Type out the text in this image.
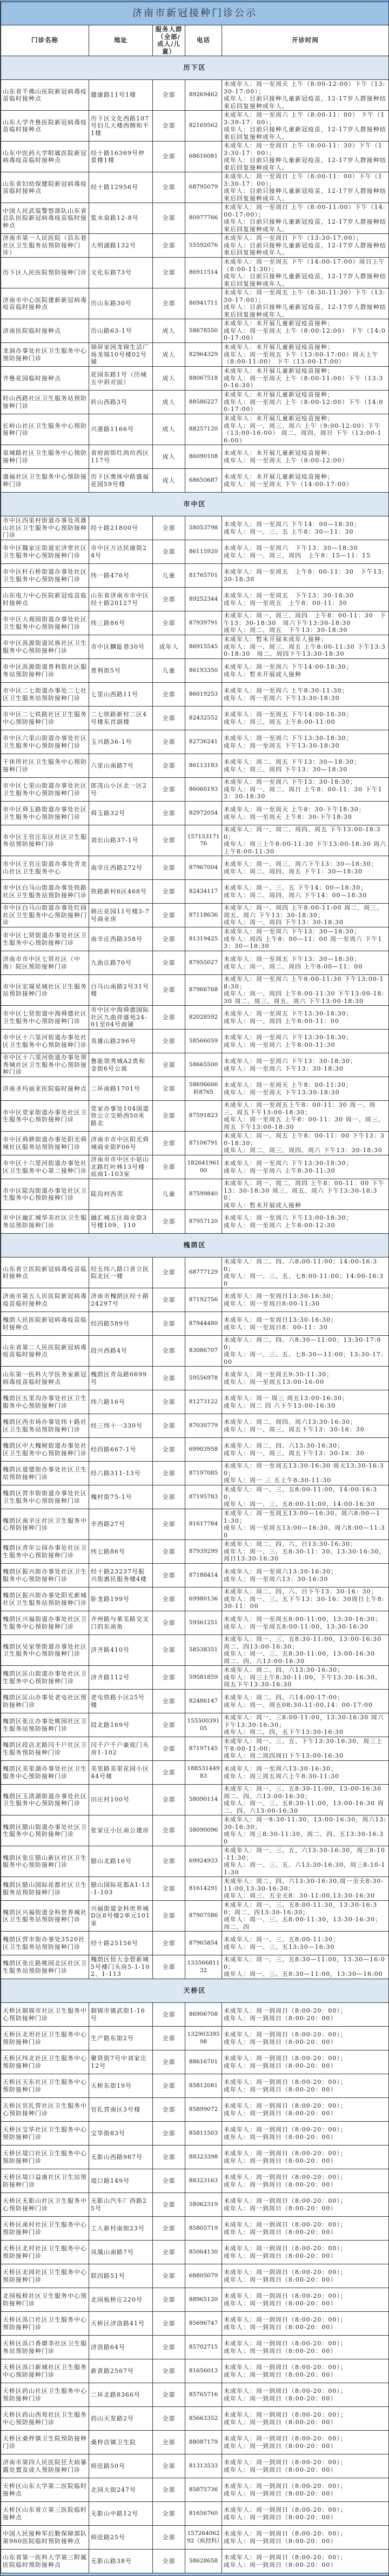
济南市新冠接种门诊公示				
门诊名称	地址	服务人群（全部/成人/儿童）	电话	开诊时间
历下区				
山东省千佛山医院新冠病毒疫苗临时接种点	健康路11号1楼	全部	89269462	未成年人：周一至周天 上午（8:00-12:00）下午（13:30-17:00）；
成年人：目前只接种儿童新冠疫苗，12-17岁人群接种结束后回复接种成年人。
山东大学齐鲁医院新冠病毒疫苗临时接种点	历下区文化西路107号妇儿大楼西侧和平1楼	全部	82169562	未成年人：周一至周六 上午（8:00-11：00） 下午（13:30-17：00）；
成年人：目前只接种儿童新冠疫苗，12-17岁人群接种结束后回复接种成年人。
山东中医药大学附属医院新冠病毒疫苗临时接种点	经十路16369号仲景楼1楼	全部	68616081	未成年人：周一至周日 上午（8:00-11：30）下午（13:30-17：00）；
成年人：目前只接种儿童新冠疫苗，12-17岁人群接种结束后回复接种成年人。
山东省妇幼保健院新冠病毒疫苗临时接种点	经十路12956号	全部	68795079	未成年人：周一至周日 上午（8:00-11：00）下午（13:30-17：00）；
成年人：目前只接种儿童新冠疫苗，12-17岁人群接种结束后回复接种成年人。
中国人民武装警察部队山东省总队医院新冠病毒疫苗临时接种点	浆水泉路12-8号	全部	80977766	未成年人：周一至周日 上午（8:00-11:00）下午（14:00-17:00）；
成年人：目前只接种儿童新冠疫苗，12-17岁人群接种结束后回复接种成年人。
济南市第一人民医院（县东巷社区卫生服务站预防接种门诊）	大明湖路132号	全部	55592076	未成年人：周一至周日 下午（13:30-17:00）；
成年人：目前只接种儿童新冠疫苗，12-17岁人群接种结束后回复接种成年人。
历下区人民医院预防接种门诊	文化东路73号	全部	86911514	未成年人：周一至周五 下午（14:00-17:00）周日上午（8:00-11:30）；
成年人：目前只接种儿童新冠疫苗，12-17岁人群接种结束后回复接种成年人。
济南市中心医院建新新冠病毒疫苗临时接种点	历山东路30号	全部	86941711	未成年人：周一至周五 上午（8:30-11:30）下午（13:30-17:00）；
成年人：目前只接种儿童新冠疫苗，12-17岁人群接种结束后回复接种成年人。
济南医院临时接种点	历山路63-1号	成人	58678550	未成年人：未开展儿童新冠疫苗接种；
成年人：周一至周天 上午（8:00-12:00） 下午（14:00-17:00）
龙洞办事处社区卫生服务中心预防接种门诊	锦屏家园龙锦生活广场龙锦10号楼02号铺	成人	82964329	未成年人：未开展儿童新冠疫苗接种；
成年人：周一至周五 下午（13:00-17:00）周天上午（8:00-11:00） 下午（13:00-17:00）
齐鲁花园临时接种点	花园东路1号（历城五中斜对面）	成人	88067518	未成年人：未开展儿童新冠疫苗接种；
成年人：周一至周天 上午（8:00-11:00）下午（13:30-16:30）
转山西路社区卫生服务站预防接种门诊	转山西路3号	成人	88586227	未成年人：未开展儿童新冠疫苗接种；
成年人：周一至周六 上午（8:00-12:00）下午（14:00-17:00）
长岭山社区卫生服务中心预防接种门诊	兴港路1166号	成人	88257120	未成年人：未开展儿童新冠疫苗接种；
成年人：周一、周三、周六 上午（9:00-12:00）下午（13:00-16:00） 周二、周四、周日 下午（13:00-16:00）
泉城路社区卫生服务中心预防接种门诊	省府前街红尚坊西区117号	成人	86090108	未成年人：未开展儿童新冠疫苗接种；
成年人：周一至周天 上午（8:00-12:00）
盛福社区卫生服务中心预防接种门诊	历下区奥体中路盛福花园59号楼	成人	68650687	未成年人：未开展儿童新冠疫苗接种；
成年人：周一至周天 下午（14:00-17:00）
市中区				
市中区四里村街道办事处英雄山社区卫生服务中心预防接种门诊	经十路21800号	全部	58053798	未成年人：周一至周六 下午14：00—18:30；
成年人：周一、三、五 上午8：30—11：30
市中区魏家庄街道宏济堂社区卫生服务中心预防接种门诊	市中区万达民康街24号	全部	86115920	未成年人：周一至周六　下午13：30—18:30
成年人：周一、周三、周四　上午8：15—11：15
市中区杆石桥街道办事处社区卫生服务中心预防接种门诊	纬一路476号	儿童	81765701	未成年人：周一至周五　上午8：00-11：30　下午13:30-18:30
山东电力中心医院新冠疫苗临时接种点	山东省济南市市中区经十路20127号	全部	89252344	未成年人：周一至周五　下午13：30-18:30
成年人：周一至周五　上午8：00-11：30
市中区大观园街道办事处社区卫生服务中心预防接种门诊	纬三路86号	全部	87939791	未成年人：周一、周三、周四　上午8：00-11：30　下午13：30-18:30　周六下午13:30-18:30
成年人：周二、周五　下午13：30-18:30
市中区泺源街道民族社区卫生服务中心预防接种门诊	市中区麟趾巷30号	成年人	86915545	未成年人：暂未开展未成年人接种；
成年人：周一、周三、周五 上午8:00-11:30 下午13:30-18:30　周二、周四下午13:30-18:30
市中区泺源街道普利街社区服务站预防接种门诊	普利街5号	儿童	86193350	未成年人：周一至周六 下午14:00-18:30；
成年人：暂未开展成人接种
市中区二七街道办事处二七社区卫生服务站预防接种门诊	七里山西路11号	全部	86019253	未成年人：周一至周六 上午8:30-11:30；
成年人：周一至周六 下午13:30-18:30
市中区二七铁路社区卫生服务中心预防接种门诊	二七铁路新村二区4号楼东首副楼	全部	82432552	未成年人：周一至周五 下午14:00-18:30；
成年人：周三、周五 上午8:00-11:00
市中区六里山街道办事处社区卫生服务中心预防接种门诊	玉兴路36-1号	全部	82736241	未成年人：周一至周六 下午13:30-18:30；
成年人：周一至周五 下午13:30-18:30
干休所社区卫生服务中心预防接种门诊	六里山南路7号	全部	86113183	未成年人：周二、周五 下午13：30—18:30；
成年人：周三、周四 下午13：30—18:30
市中区七里山街道办事处社区卫生服务中心预防接种门诊	郎茂山小区北一区2号	全部	86060193	未成年人：周一至周六 下午13：30-18:30；
成年人：周一、周二、周日 上午8：00-11：30 下午13：30-18:30
市中区舜玉路街道办事处社区卫生服务中心预防接种门诊	舜玉路32号	全部	82972054	未成年人：周一至周天 上午8：30-下午18:30；
成年人：周一至周天 上午8：30-下午18:30
市中区王官庄东区社区卫生服务站预防接种门诊	刘长山路37-1号	全部	15715317176	未成年人：周一、周二、周四、周五 下午13:00-18:30；
成年人：周三上午8:00-11:30 下午13:00-18:30 周六上午8:00-11:30
市中区王官庄街道办事处青龙山社区卫生服务中心	南辛庄西路272号	全部	87967004	未成年人：周一、周三、周六下午13：30—18:30；
成年人：周二、周四、周五 下午1：30—18:30
市中区白马山街道办事处铁路社区卫生服务站预防接种门诊	铁路新村6区468号	全部	82434117	未成年人：周一、三、五 下午14：00—18:30；
成年人：周二、周四、周六 下午14：00—18:30
市中区白马山街道办事处红园社区卫生服务中心预防接种门诊	韩庄花园11号楼3-7号商业房	全部	87118636	未成年人：周一、周四 上午8:00-11:00 周二、周三、周五、周六 下午13：30-18:30；
成年人：周一、周四 下午13：30-18:30
市中区七贤街道办事处社区卫生服务中心预防接种门诊	南辛庄西路358号	全部	81319425	未成年人：周一至周六 下午13：30—18:30；
成年人：周四 上午8：00—11：00 周一至周六 下午13：30—18:30
济南市市中区七贤社区（中海）院区预防接种门诊	九曲庄路70号	全部	87955027	未成年人：周一至周五 下午13：30—18:30；
成年人：周一、周二、周四 上午8:00—11：00
市中区宏瑞星城社区卫生服务站预防接种门诊	白马山南路2号31号楼	全部	87966768	未成年人：周一至周六 上午8:00-11:30 下午13:00-18:30；
成年人：周一、周四 上午8:00-11:30 下午13:00-18:30 周二、周三、周五、周六 下午13:00-18:30
市中区七贤街道中海舜德社区卫生服务中心预防接种门诊	市中区中海舜德国际社区九曲祥盛苑24-01至04号商铺	全部	82028592	未成年人：周一至周五 下午13:30-18:30；
成年人：周一、周四 上午8:00-11：00
市中区十六里河街道办事处社区卫生服务中心预防接种门诊	英雄山路296号	全部	58566059	未成年人：周一至周六 下午13:30-18:30；
成年人：周一至周六 上午8:00-11:30
市中区十六里河街道办事处领秀城社区卫生服务中心预防接种门诊	鲁能领秀城A2贵和金街6号公寓	全部	58665500	未成年人：周一至周六 下午13：30-18:30；
成年人：周一至周六 下午13：30-18:30
济南圣玛丽亚医院临时接种点	二环南路1701号	全部	58696666转8765	未成年人：周一至周天 上午8：00-11:30；
成年人：周一至周天 下午13:30-18:30
市中区党家街道办事处社区卫生服务中心预防接种门诊	党家办事处104国道铁公立交桥西50米路北	全部	87591823	未成年人：周一至周五上午8：00-11：30 周一、周三、周五下午13:00-18:30；
成年人：周一至周五 上午8：00-11：30 周一、周三、周五 下午13:00-18:30
市中区舜耕街道办事处阳光舜城社区服务站预防接种门诊	济南市市中区阳光舜城商业街F06号	全部	87106791	未成年人：周一、周五 上午8：00-11：00 下午13：30-18:30；
成年人：周二、周三、周四、周六 下午13：30-18:30
市中区十六里河街道办事处社区卫生服务中心第二接种门诊	济南市市中区小姑山北路红叶林13号楼底商1-103室	全部	18264196100	未成年人：周一至周六 下午13:30-18:30；
成年人：周一至周六 上午8:30-11:30
市中区陡沟街道办事处社区卫生服务中心预防接种门诊	陡沟村西邻	儿童	87599840	未成年人：周一、周二、周四 上午8：00-11：00 下午13：30-18:30 周三、周五、周六 下午13:30-18:30；
成年人：暂未开展成人接种
市中区融汇城华美社区卫生服务站预防接种门诊	融汇城五区商业街3号楼109、110	全部	87957120	未成年人：周一至周六 下午13:00-18:30；
成年人：周一至周六 上午8:00-12:30
槐荫区				
山东省立医院新冠病毒疫苗临时接种点	经五纬八路口省立医院北区一楼	全部	68777129	未成年人：周二、四、六8:00-11:00；14:00-16:30；
成年人：周一、三、五、七8:00-11:00；14:00-16:30
济南市第五人民医院新冠病毒疫苗临时接种点	济南市槐荫区经十路24297号	全部	87192756	未成年人：周一至周日13:30-16:30；
成年人：周一至周日8:00-11:30
槐荫人民医院新冠病毒疫苗临时接种点	经四路589号	全部	87944480	未成年人：周一至周日13:30-16:30；
成年人：周一至周日8：00-11：30
山东省第二人民医院新冠病毒疫苗临时接种点	段兴西路4号	全部	83086707	未成年人：周二、四、六8:30—11:00；13:30-17:00；
成年人：周一、三、五、七8:30—11:00；13:30-17:00
山东第一医科大学医务室新冠病毒疫苗临时接种点	槐荫区青岛路6699号	全部	59556978	未成年人：周一至周五9:30-11:30；
成年人：周一至周五13:00-16:00
槐荫区五里沟办事处社区卫生服务中心预防接种门诊	纬六路16号	全部	81273122	未成年人：周一 周三 周五13:00-16:30；
成年人：周二 四 六下午13:00-16:30
槐荫区西市场办事处纬十路社区卫生服务站预防接种门诊	经三纬十一330号	全部	87030779	未成年人：周二、周四、周六13:30-16:30；
成年人：周一、周三、周五下午13：30-16：30
槐荫区中大槐树街道办事处社区卫生服务中心预防接种门诊	经四路667-1号	全部	69903958	未成年人：周二、四、六13:30-16:30；
成年人：周一、周三、周五下午13：30-16：30
槐荫区道德街办事处社区卫生站预防接种门诊	经六路311-13号	全部	87197085	未成年人：周一至周五13:30-16:30 周天13:30-16:30；
成年人：周一 三 五上午8:30-11:30
槐荫区营市街街道办事处社区卫生服务中心预防接种门诊	槐村街75-1号	全部	87195783	未成年人：周一、三、五8:00-11:00，14:00-16:30；
成年人：周一、三、五8:00-11:00，14:00-16:30
槐荫区南辛庄社区卫生服务中心预防接种门诊	辛西路27号	全部	81617784	未成年人：周一至周五13:00—16:30、周六8:00—11:30；
成年人：周一至周五13:00—16:30、周六8:00—11:30
槐荫区青年公园办事处社区卫生服务中心预防接种门诊	纬七路86号	全部	87939299	未成年人：周二、四、六、日13:30-16:30；
成年人：周一、三、五8:30-11：30、13:30-16:30，周日13:30-16:30
槐荫区振兴街办事处社区卫生服务中心预防接种门诊	经十路23237号振兴街惠民服务楼4楼	全部	87188414	未成年人：周一至周六13:30-16:30；
成年人：周一至周六13：30-16:30
槐荫区振兴街办事处阳光新城社区卫生服务站预防接种门诊	卧龙路199号	全部	69980136	未成年人：周二、四、六、日下午13：30-16：30；
成年人：周一、三、五下午13：30-16：30周日上午8:30-11：00
槐荫区兴福街道办事处社区卫生服务中心预防接种门诊	齐州路与莱芜路交叉口的东南角	全部	59561251	未成年人：周一至周五8:00-11:00，13:30-16:30；
成年人：周一至周五8:00-11:00，13:30-16:30
槐荫区吴家堡街道办事处社区卫生服务中心预防接种门诊	济齐路410号	全部	58538351	未成年人：周一、三、五8:30-11:00，13:00-16:30 周二、四13:00-16:30；
成年人：周一、三、五8:30-11:00，13:00-16:30　周二、四、六13:00-16:30
槐荫区匡山街道办事处社区卫生服务中心预防接种门诊	济齐路112号	全部	59581859	未成年人：周二、四、六13:30-16:30；
成年人：周三上午8:30-11:00，下午13:30-16:30，周五下午13:30-16:30
槐荫区匡山办事处老屯社区预防接种门诊	老屯铁路小区25号楼	全部	82486147	未成年人：周二、四、六14:00-17:00；
成年人：周一、周五08:30-11:00,14：00-17:00
槐荫区张庄办事处桃园社区卫生服务站预防接种门诊	段北路169号	全部	15550039105	未成年人：周一、三8:00-11:00，13:30-16:30 周六下午13:30-16:30；
成年人：周二，四，五下午13:30-16:30
槐荫区段店北路闫千户社区卫生服务预防接种门诊	闫千户千户豪庭门头房1-102	全部	87197145	未成年人：周一、三、五、下午13:30-16:30，周三上午8:00-11:00；
成年人：周二周四周日下午13:00-16:30
槐荫区美里湖办事处社区卫生服务中心预防接种门诊	美里路美里花园小区44号楼	全部	18853144983	未成年人：周一至周六13:30-16:30；
成年人：周三周五周六上午8:30-11:30
槐荫区玉清湖街道办事处社区卫生服务中心预防接种门诊	田庄村100号	全部	58090114	未成年人：周一、三、五8:30-11:00，13:00-16:30 周二、四、六13:00-16:30；
成年人：周一、三、五8:30-11:00，13:00-16:30 周二、四、六13:00-16:30
槐荫区腊山街道办事处社区卫生服务中心预防接种门诊	张家庄小区南公建房	全部	58090096	未成年人：周一8:30-11:30，13:00-16:30，周六13:30-16:30；
成年人：周三8:30-11:30，周二、四、五13:30-16:30
槐荫区张庄腊山新区社区卫生服务中心预防接种门诊	腊山北路16号	全部	69924933	未成年人：周一、三、五、六13:30-16:30，周三8:10-11:30；
成年人：周一、三、五、六13:30-16:30，周三8:10-11:30
槐荫区腊山国际花都社区卫生服务站预防接种门诊	腊山国际花都A1-13-1-103	全部	81614291	未成年人：周二、四、六13:30-16:30,周一全天8:30-11:00,13:30-16:30；
成年人：周三、五全天8：30-11:00,13:30-16:30
槐荫区兴福街道金科世界城社区卫生服务站预防接种门诊	兴福街道金科世界城D区8号楼2单元101室	全部	87907586	未成年人：周一、三、五8:00-11:30，13:30-16:30；周二、四13:30-16:30；
成年人：周一、三、五8:00-11:30，13:30-16:30；周二、四
槐荫区营市街办事处3520社区卫生服务站预防接种门诊	经十路25156号	全部	87965854	未成年人：周一、三、五8:00-11:30；
成年人：周一、三、五13:30—16:30
槐荫区张庄路桃园北区社区卫生服务站预防接种门诊	槐荫区恒大金碧新城5号楼门头房5-1-102、1-113	全部	13356681132	未成年人：周一、三、五8:30—11:00，13:30—16:00；
成年人：周一、三、五8:30—11:00，13:30—16:00
天桥区				
天桥区制锦市社区卫生服务中心预防接种门诊	制锦市镇武街1-16号	全部	86906708	未成年人：周一到周日（8:00-20：00）；
成年人：周一到周日（8:00-20：00）
天桥区北坦社区卫生服务中心预防接种门诊	生产路东街2号	全部	13290339598	未成年人：周一到周日（8:00-20：00）；
成年人：周一到周日（8:00-20：00）
天桥区纬北社区卫生服务中心预防接种门诊	聚贤街7号中刘家庄12号	全部	88616701	未成年人：周一到周日（8:00-20：00）；
成年人：周一到周日（8:00-20：00）
天桥区天东社区卫生服务中心预防接种门诊	天桥东街19号	全部	85812081	未成年人：周一到周日（8:00-20：00）；
成年人：周一到周日（8:00-20：00）
天桥区官扎营社区卫生服务中心预防接种门诊	官扎营南区3号楼	全部	85899072	未成年人：周一到周日（8:00-20：00）；
成年人：周一到周日（8:00-20：00）
天桥区宝华社区卫生服务中心预防接种门诊	宝华街83号	全部	85811503	未成年人：周一到周日（8:00-20：00）；
成年人：周一到周日（8:00-20：00）
天桥区堤口社区卫生服务中心预防接种门诊	无影山西路987号	全部	88323398	未成年人：周一到周日（8:00-20：00）；
成年人：周一到周日（8:00-20：00）
天桥区堤口益康社区卫生站预防接种门诊	堤口路149号	全部	88323163	未成年人：周一到周日（8:00-20：00）；
成年人：周一到周日（8:00-20：00）
天桥区无影山社区卫生服务中心预防接种门诊	无影山汽车厂西路25号	全部	58062319	未成年人：周一到周日（8:00-20：00）；
成年人：周一到周日（8:00-20：00）
天桥区南村社区卫生服务中心预防接种门诊	工人新村南街23号	全部	85805719	未成年人：周一到周日（8:00-20：00）；
成年人：周一到周日（8:00-20：00）
天桥区北村社区卫生服务中心预防接种门诊	凤凰山南路7号	全部	85064130	未成年人：周一到周日（8:00-20：00）；
成年人：周一到周日（8:00-20：00）
天桥区北园社区卫生服务中心预防接种门诊	联四路51号	全部	68805079	未成年人：周一到周日（8:00-20：00）；
成年人：周一到周日（8:00-20：00）
北园板桥社区卫生服务中心预防接种门诊	北园板桥庄220号	全部	88965120	未成年人：周一到周日（8:00-20：00）；
成年人：周一到周日（8:00-20：00）
天桥区泺口社区卫生服务中心预防接种门诊	天桥区济洛路41号	全部	85696747	未成年人：周一到周日（8:00-20：00）；
成年人：周一到周日（8:00-20：00）
天桥区泺口香磨李社区卫生服务站预防接种门诊	济洛路64号	全部	85702715	未成年人：周一到周日（8:00-20：00）；
成年人：周一到周日（8:00-20：00）
天桥区泺口新城社区卫生服务中心预防接种门诊	新黄路2567号	全部	81656013	未成年人：周一到周日（8:00-20：00）；
成年人：周一到周日（8:00-20：00）
天桥区药山社区卫生服务中心预防接种门诊	二环北路8366号	全部	85765716	未成年人：周一到周日（8:00-20：00）；
成年人：周一到周日（8:00-20：00）
天桥区药山西苑社区卫生服务中心预防接种门诊	药山天发路2号	全部	85663352	未成年人：周一到周日（8:00-20：00）；
成年人：周一到周日（8:00-20：00）
天桥区桑梓镇卫生院预防接种门诊	桑梓店镇卫生院	全部	88087179	未成年人：周一到周日（8:00-20：00）；
成年人：周一到周日（8:00-20：00）
济南市第四人民医院狂犬病暴露处置及成人预防接种门诊	师范路50号	全部	81313533	未成年人：周一到周日（8:00-20：00）；
成年人：周一到周日（8:00-20：00）
天桥区山东大学第二医院临时接种点	北园大街247号	全部	85875736	未成年人：周一到周日（8:00-20：00）；
成年人：周一到周日（8:00-20：00）
天桥区山东省立第三医院临时接种点	无影山中路12号	全部	81656760	未成年人：周一到周日（8:00-20：00）；
成年人：周一到周日（8:00-20：00）
中国人民接种军后勤保障部队第960医院临时预防接种点	师范路25号	全部	15726406292（疾控科）	未成年人：周一到周日（8:00-20：00）；
成年人：周一到周日（8:00-20：00）
山东省第一医科大学第三附属医院临时预防接种点	无影山路38号	全部	58628658	未成年人：周一到周日（8:00-20：00）；
成年人：周一到周日（8:00-20：00）
